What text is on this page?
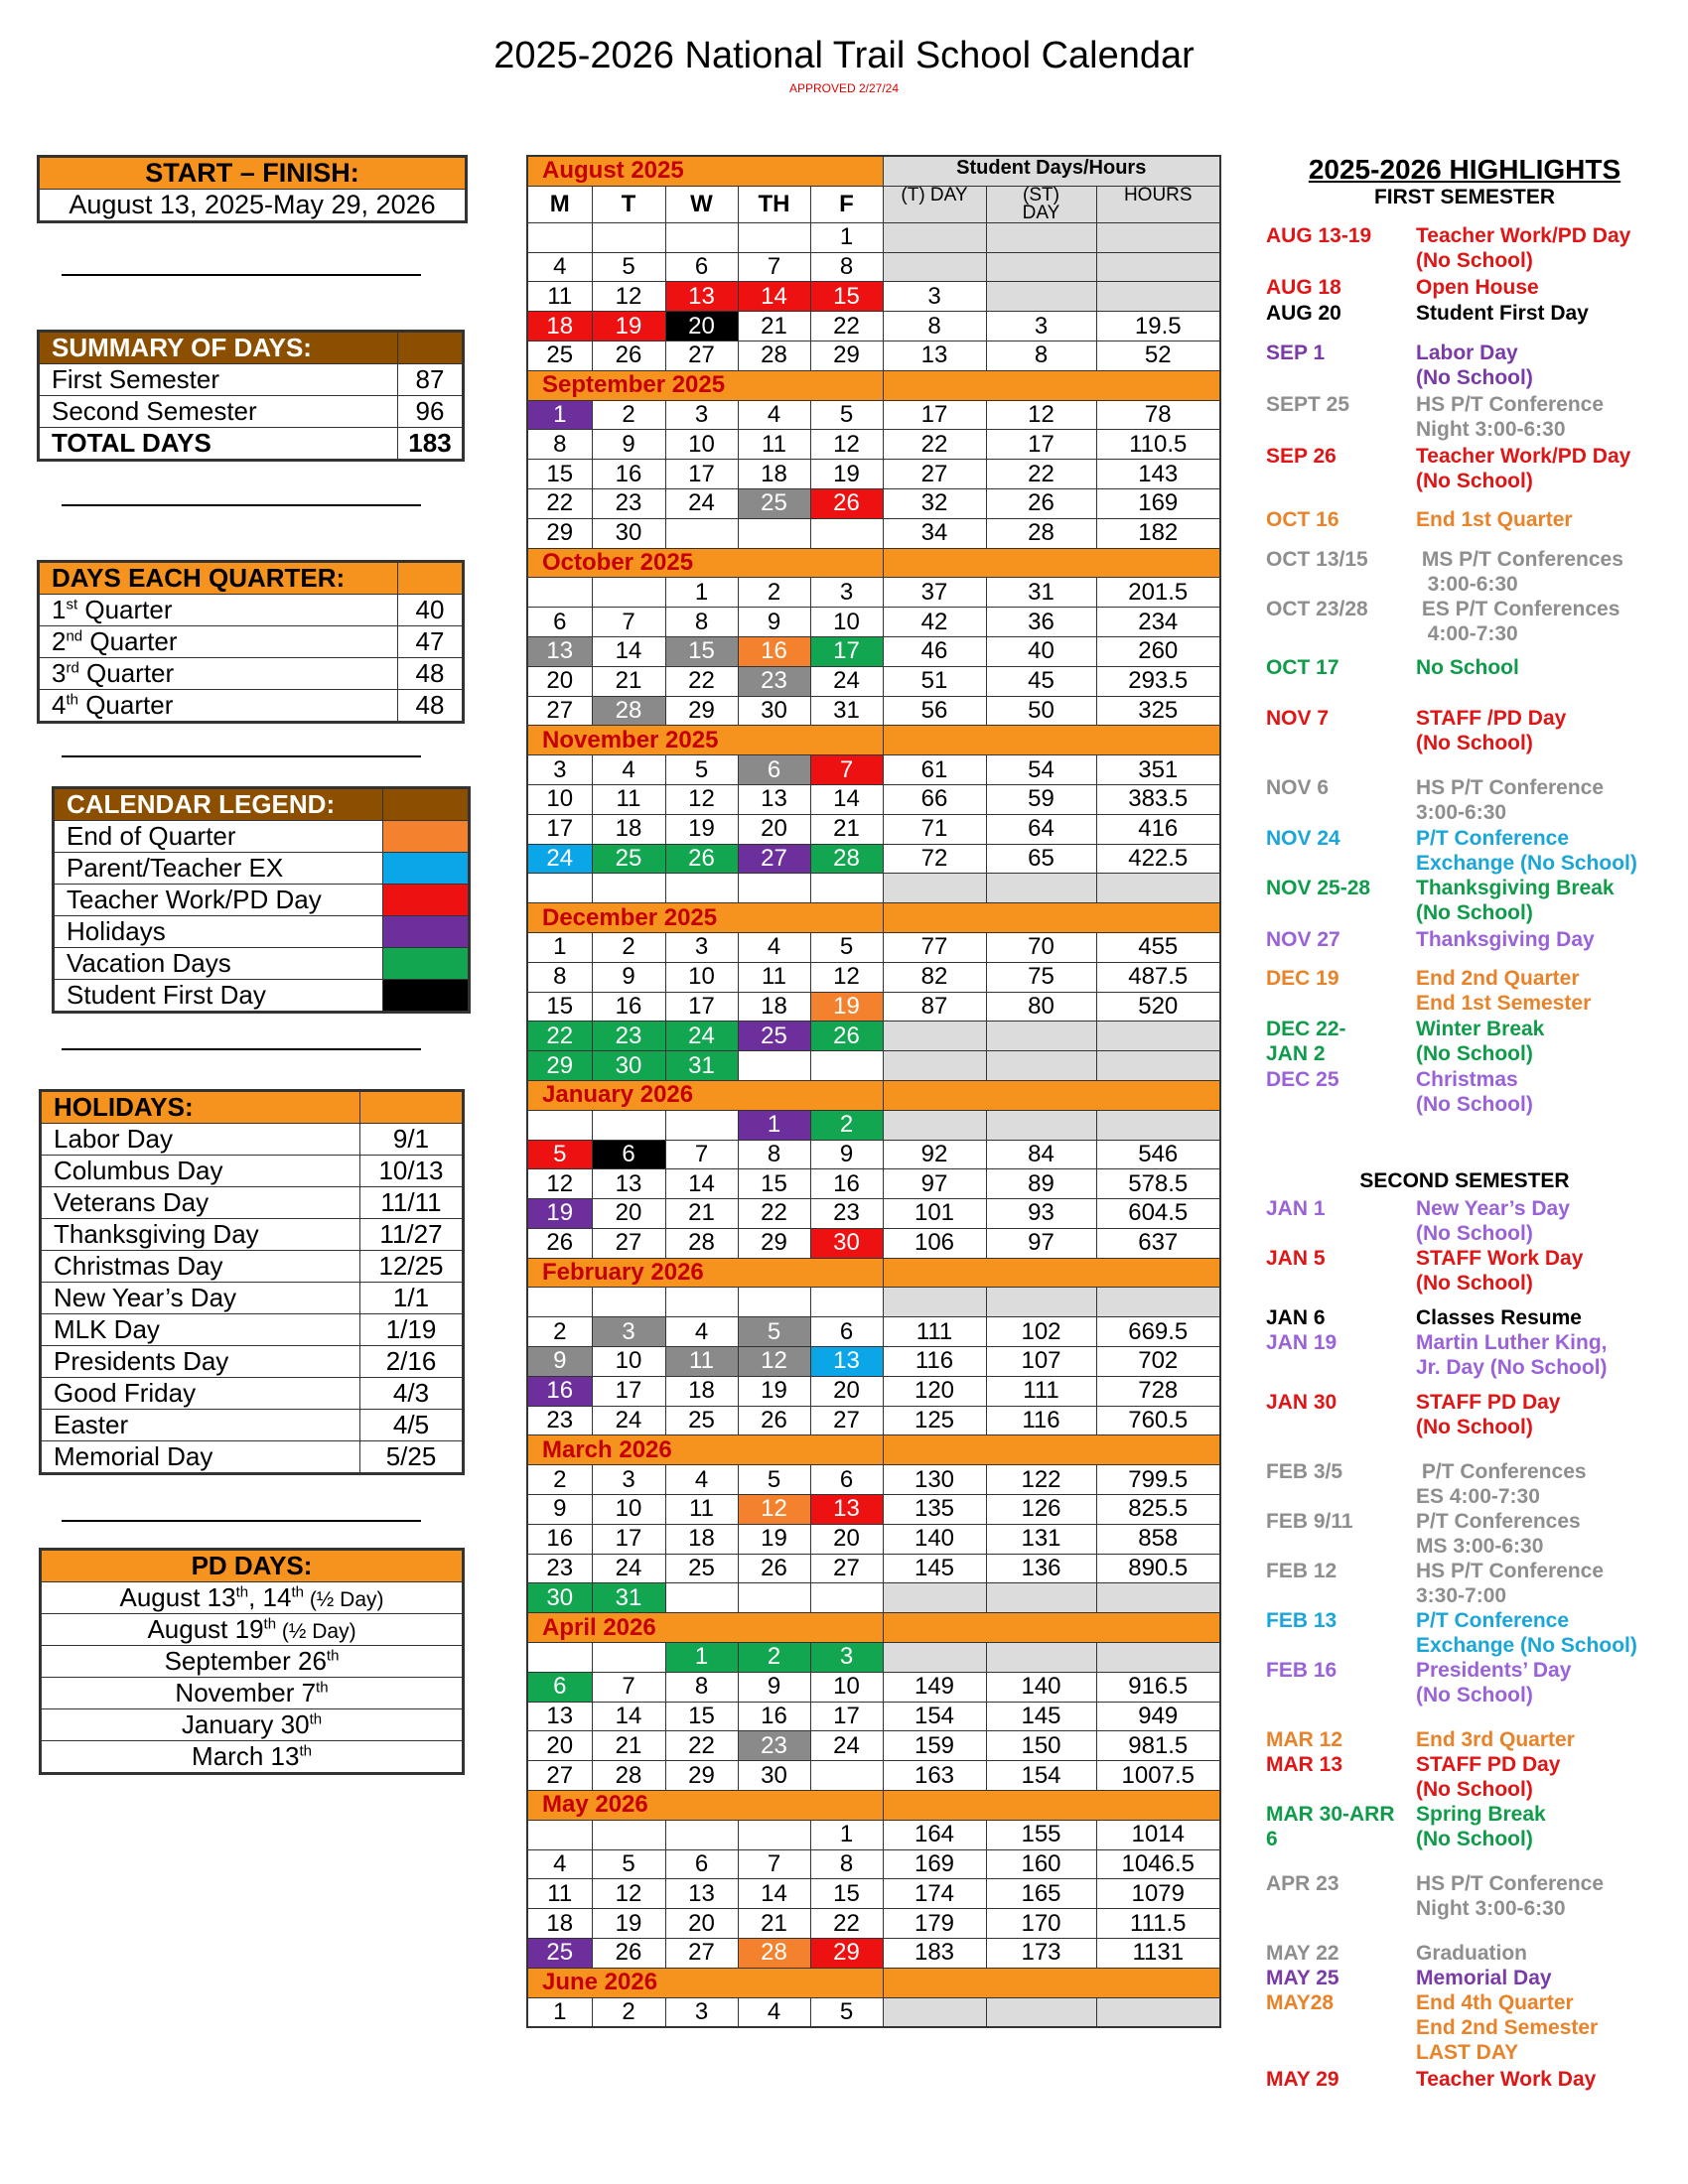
2025-2026 National Trail School Calendar
APPROVED 2/27/24
START – FINISH:
August 13, 2025-May 29, 2026
SUMMARY OF DAYS:	
First Semester	87
Second Semester	96
TOTAL DAYS	183
DAYS EACH QUARTER:	
1st Quarter	40
2nd Quarter	47
3rd Quarter	48
4th Quarter	48
CALENDAR LEGEND:	
End of Quarter	
Parent/Teacher EX	
Teacher Work/PD Day	
Holidays	
Vacation Days	
Student First Day	
HOLIDAYS:	
Labor Day	9/1
Columbus Day	10/13
Veterans Day	11/11
Thanksgiving Day	11/27
Christmas Day	12/25
New Year’s Day	1/1
MLK Day	1/19
Presidents Day	2/16
Good Friday	4/3
Easter	4/5
Memorial Day	5/25
PD DAYS:
August 13th, 14th (½ Day)
August 19th (½ Day)
September 26th
November 7th
January 30th
March 13th
August 2025					Student Days/Hours		
M	T	W	TH	F	(T) DAY	(ST)
DAY	HOURS
				1			
4	5	6	7	8			
11	12	13	14	15	3		
18	19	20	21	22	8	3	19.5
25	26	27	28	29	13	8	52
September 2025							
1	2	3	4	5	17	12	78
8	9	10	11	12	22	17	110.5
15	16	17	18	19	27	22	143
22	23	24	25	26	32	26	169
29	30				34	28	182
October 2025							
		1	2	3	37	31	201.5
6	7	8	9	10	42	36	234
13	14	15	16	17	46	40	260
20	21	22	23	24	51	45	293.5
27	28	29	30	31	56	50	325
November 2025							
3	4	5	6	7	61	54	351
10	11	12	13	14	66	59	383.5
17	18	19	20	21	71	64	416
24	25	26	27	28	72	65	422.5

December 2025							
1	2	3	4	5	77	70	455
8	9	10	11	12	82	75	487.5
15	16	17	18	19	87	80	520
22	23	24	25	26			
29	30	31					
January 2026							
			1	2			
5	6	7	8	9	92	84	546
12	13	14	15	16	97	89	578.5
19	20	21	22	23	101	93	604.5
26	27	28	29	30	106	97	637
February 2026							

2	3	4	5	6	111	102	669.5
9	10	11	12	13	116	107	702
16	17	18	19	20	120	111	728
23	24	25	26	27	125	116	760.5
March 2026							
2	3	4	5	6	130	122	799.5
9	10	11	12	13	135	126	825.5
16	17	18	19	20	140	131	858
23	24	25	26	27	145	136	890.5
30	31						
April 2026							
		1	2	3			
6	7	8	9	10	149	140	916.5
13	14	15	16	17	154	145	949
20	21	22	23	24	159	150	981.5
27	28	29	30		163	154	1007.5
May 2026							
				1	164	155	1014
4	5	6	7	8	169	160	1046.5
11	12	13	14	15	174	165	1079
18	19	20	21	22	179	170	111.5
25	26	27	28	29	183	173	1131
June 2026							
1	2	3	4	5			
2025-2026 HIGHLIGHTS
FIRST SEMESTER
SECOND SEMESTER
AUG 13-19	Teacher Work/PD Day
(No School)
AUG 18	Open House
AUG 20	Student First Day
SEP 1	Labor Day
(No School)
SEPT 25	HS P/T Conference
Night 3:00-6:30
SEP 26	Teacher Work/PD Day
(No School)
OCT 16	End 1st Quarter
OCT 13/15	MS P/T Conferences
3:00-6:30
OCT 23/28	ES P/T Conferences
4:00-7:30
OCT 17	No School
NOV 7	STAFF /PD Day
(No School)
NOV 6	HS P/T Conference
3:00-6:30
NOV 24	P/T Conference
Exchange (No School)
NOV 25-28	Thanksgiving Break
(No School)
NOV 27	Thanksgiving Day
DEC 19	End 2nd Quarter
End 1st Semester
DEC 22-	Winter Break
JAN 2	(No School)
DEC 25	Christmas
(No School)
JAN 1	New Year’s Day
(No School)
JAN 5	STAFF Work Day
(No School)
JAN 6	Classes Resume
JAN 19	Martin Luther King,
Jr. Day (No School)
JAN 30	STAFF PD Day
(No School)
FEB 3/5	P/T Conferences
ES 4:00-7:30
FEB 9/11	P/T Conferences
MS 3:00-6:30
FEB 12	HS P/T Conference
3:30-7:00
FEB 13	P/T Conference
Exchange (No School)
FEB 16	Presidents’ Day
(No School)
MAR 12	End 3rd Quarter
MAR 13	STAFF PD Day
(No School)
MAR 30-ARR	Spring Break
6	(No School)
APR 23	HS P/T Conference
Night 3:00-6:30
MAY 22	Graduation
MAY 25	Memorial Day
MAY28	End 4th Quarter
End 2nd Semester
LAST DAY
MAY 29	Teacher Work Day
